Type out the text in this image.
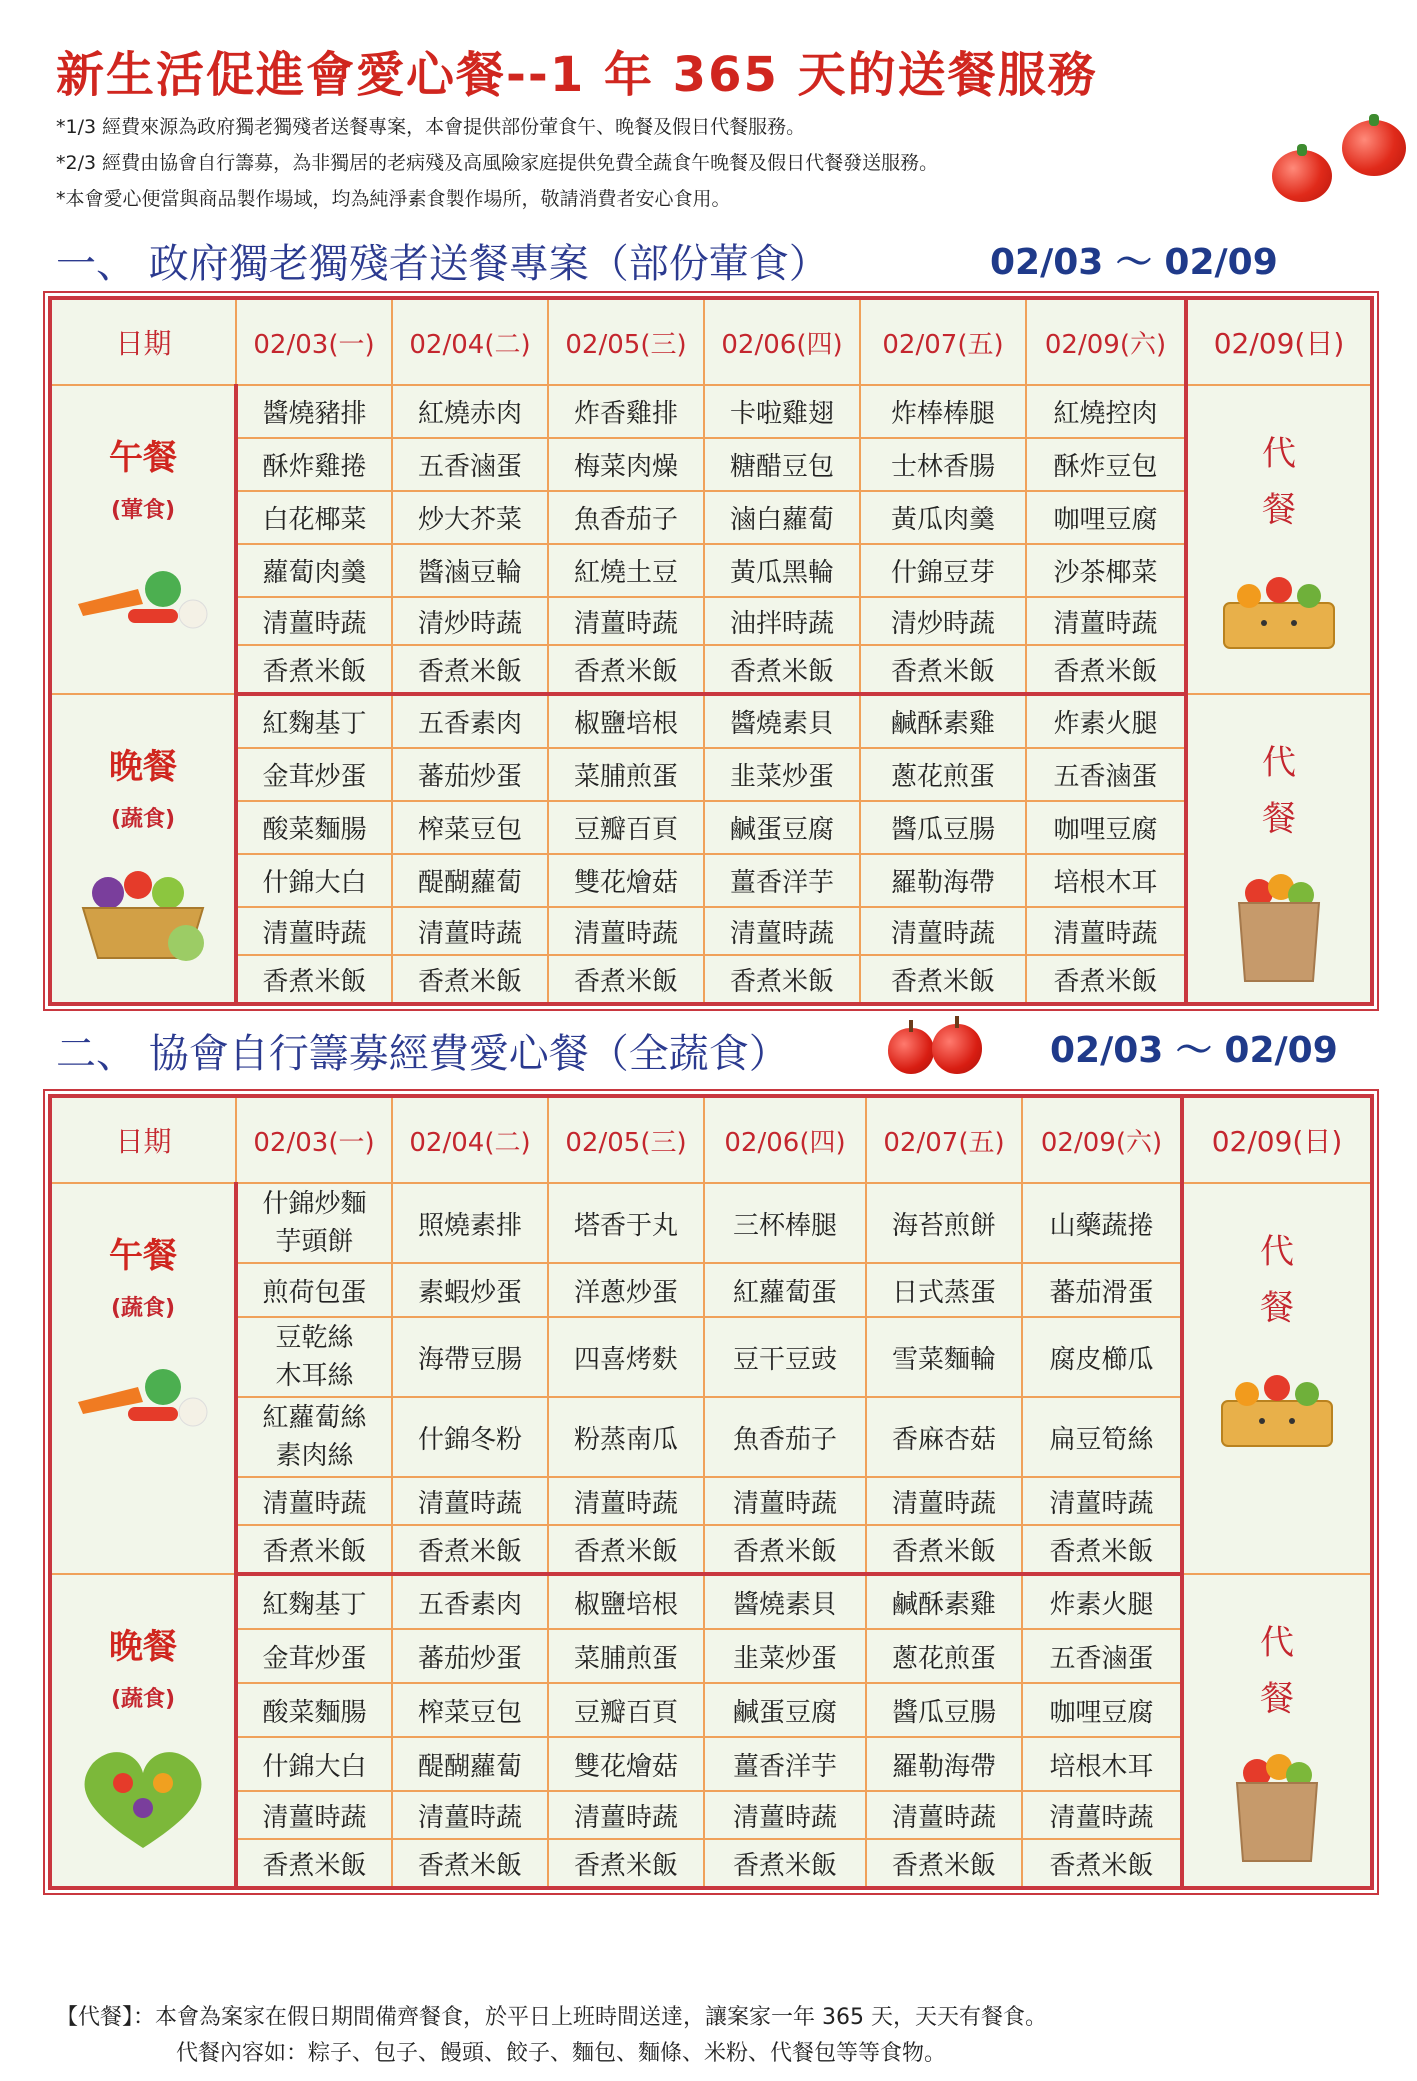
新生活促進會愛心餐--1 年 365 天的送餐服務
*1/3 經費來源為政府獨老獨殘者送餐專案，本會提供部份葷食午、晚餐及假日代餐服務。
*2/3 經費由協會自行籌募，為非獨居的老病殘及高風險家庭提供免費全蔬食午晚餐及假日代餐發送服務。
*本會愛心便當與商品製作場域，均為純淨素食製作場所，敬請消費者安心食用。
一、 政府獨老獨殘者送餐專案（部份葷食）	02/03 ～ 02/09
日期	02/03(一)	02/04(二)	02/05(三)	02/06(四)	02/07(五)	02/09(六)	02/09(日)

午餐
(葷食)	醬燒豬排	紅燒赤肉	炸香雞排	卡啦雞翅	炸棒棒腿	紅燒控肉	代
餐

	酥炸雞捲	五香滷蛋	梅菜肉燥	糖醋豆包	士林香腸	酥炸豆包	
	白花椰菜	炒大芥菜	魚香茄子	滷白蘿蔔	黃瓜肉羹	咖哩豆腐	
	蘿蔔肉羹	醬滷豆輪	紅燒土豆	黃瓜黑輪	什錦豆芽	沙茶椰菜	
	清薑時蔬	清炒時蔬	清薑時蔬	油拌時蔬	清炒時蔬	清薑時蔬	
	香煮米飯	香煮米飯	香煮米飯	香煮米飯	香煮米飯	香煮米飯	

晚餐
(蔬食)	紅麴基丁	五香素肉	椒鹽培根	醬燒素貝	鹹酥素雞	炸素火腿	代
餐

	金茸炒蛋	蕃茄炒蛋	菜脯煎蛋	韭菜炒蛋	蔥花煎蛋	五香滷蛋	
	酸菜麵腸	榨菜豆包	豆瓣百頁	鹹蛋豆腐	醬瓜豆腸	咖哩豆腐	
	什錦大白	醍醐蘿蔔	雙花燴菇	薑香洋芋	羅勒海帶	培根木耳	
	清薑時蔬	清薑時蔬	清薑時蔬	清薑時蔬	清薑時蔬	清薑時蔬	
	香煮米飯	香煮米飯	香煮米飯	香煮米飯	香煮米飯	香煮米飯	
二、 協會自行籌募經費愛心餐（全蔬食）	02/03 ～ 02/09
日期	02/03(一)	02/04(二)	02/05(三)	02/06(四)	02/07(五)	02/09(六)	02/09(日)

午餐
(蔬食)	什錦炒麵
芋頭餅	照燒素排	塔香于丸	三杯棒腿	海苔煎餅	山藥蔬捲	代
餐

	煎荷包蛋	素蝦炒蛋	洋蔥炒蛋	紅蘿蔔蛋	日式蒸蛋	蕃茄滑蛋	
	豆乾絲
木耳絲	海帶豆腸	四喜烤麩	豆干豆豉	雪菜麵輪	腐皮櫛瓜	
	紅蘿蔔絲
素肉絲	什錦冬粉	粉蒸南瓜	魚香茄子	香麻杏菇	扁豆筍絲	
	清薑時蔬	清薑時蔬	清薑時蔬	清薑時蔬	清薑時蔬	清薑時蔬	
	香煮米飯	香煮米飯	香煮米飯	香煮米飯	香煮米飯	香煮米飯	

晚餐
(蔬食)	紅麴基丁	五香素肉	椒鹽培根	醬燒素貝	鹹酥素雞	炸素火腿	代
餐

	金茸炒蛋	蕃茄炒蛋	菜脯煎蛋	韭菜炒蛋	蔥花煎蛋	五香滷蛋	
	酸菜麵腸	榨菜豆包	豆瓣百頁	鹹蛋豆腐	醬瓜豆腸	咖哩豆腐	
	什錦大白	醍醐蘿蔔	雙花燴菇	薑香洋芋	羅勒海帶	培根木耳	
	清薑時蔬	清薑時蔬	清薑時蔬	清薑時蔬	清薑時蔬	清薑時蔬	
	香煮米飯	香煮米飯	香煮米飯	香煮米飯	香煮米飯	香煮米飯	
【代餐】：本會為案家在假日期間備齊餐食，於平日上班時間送達，讓案家一年 365 天，天天有餐食。
代餐內容如：粽子、包子、饅頭、餃子、麵包、麵條、米粉、代餐包等等食物。
